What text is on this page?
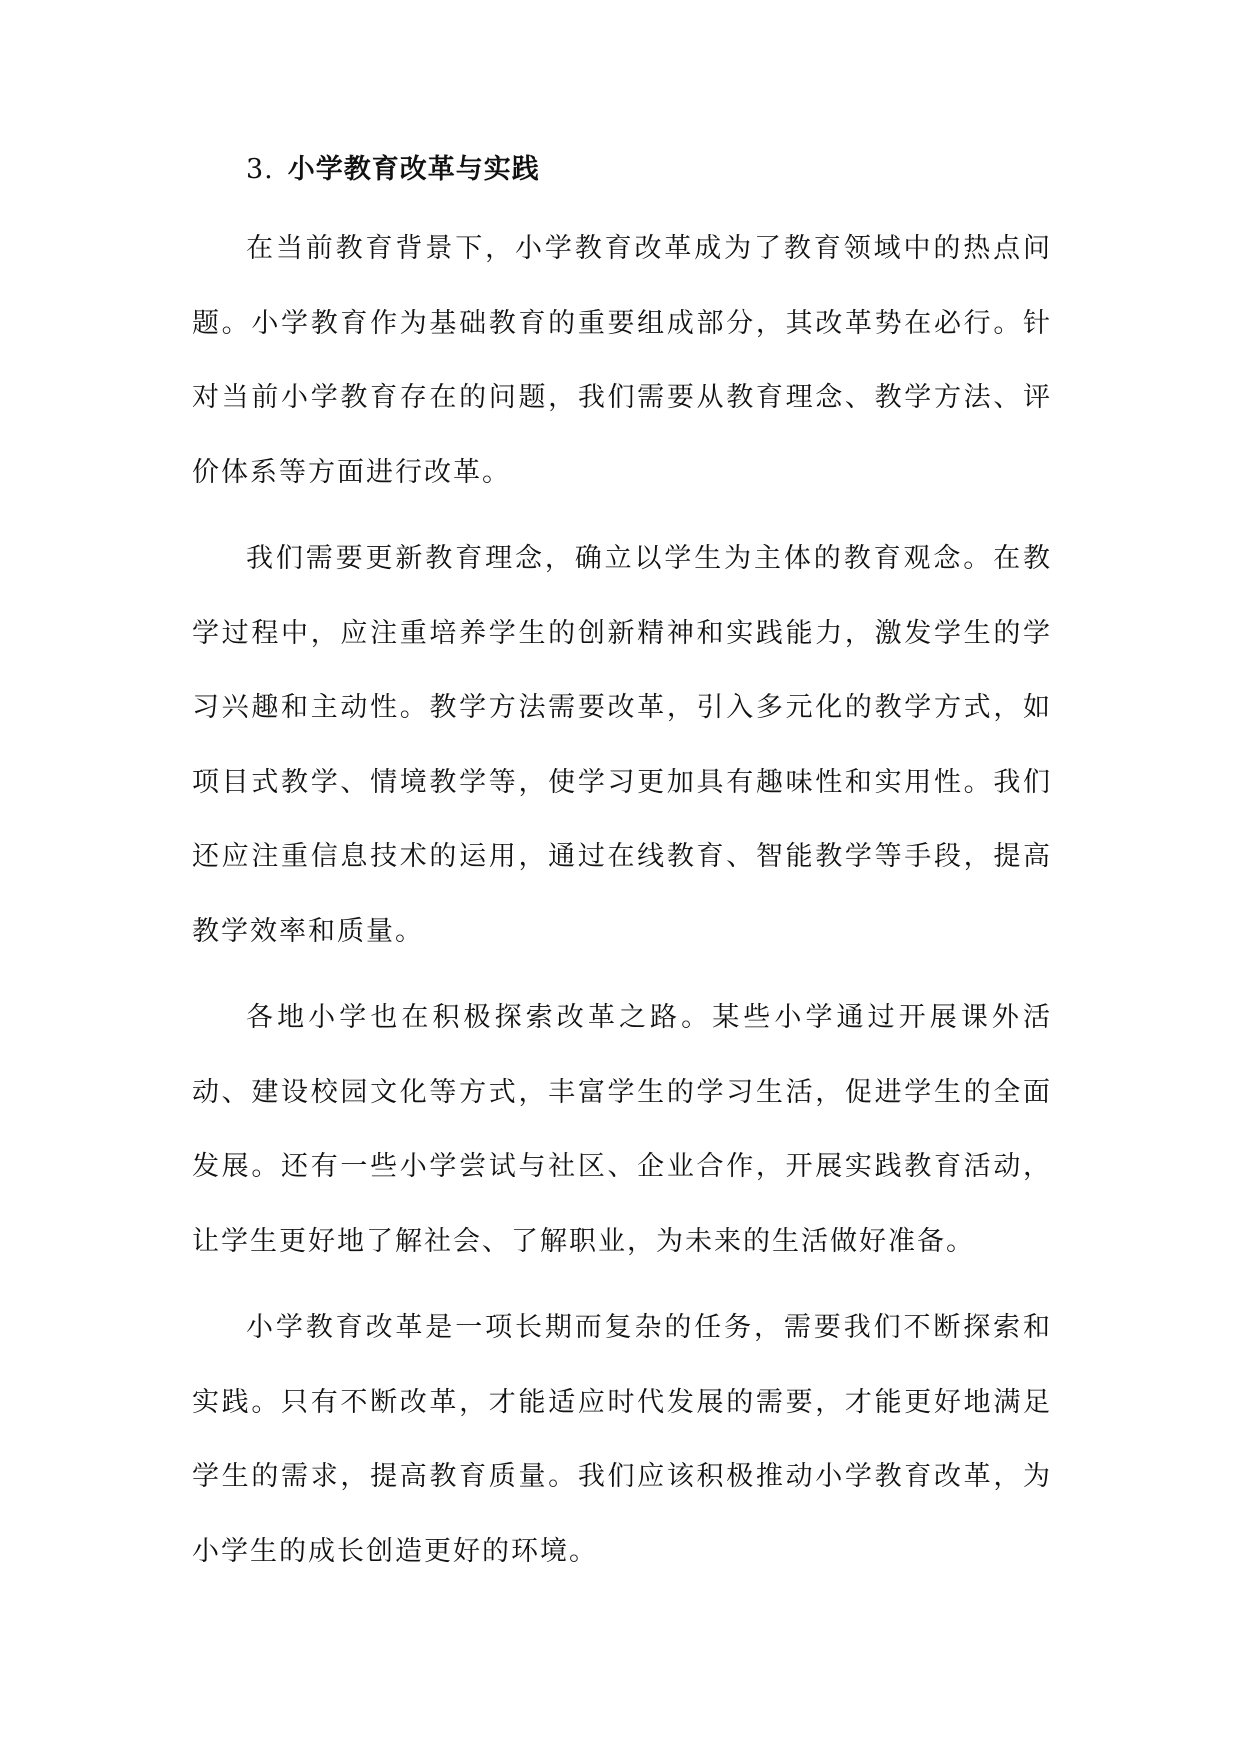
3. 小学教育改革与实践

在当前教育背景下，小学教育改革成为了教育领域中的热点问题。小学教育作为基础教育的重要组成部分，其改革势在必行。针对当前小学教育存在的问题，我们需要从教育理念、教学方法、评价体系等方面进行改革。

我们需要更新教育理念，确立以学生为主体的教育观念。在教学过程中，应注重培养学生的创新精神和实践能力，激发学生的学习兴趣和主动性。教学方法需要改革，引入多元化的教学方式，如项目式教学、情境教学等，使学习更加具有趣味性和实用性。我们还应注重信息技术的运用，通过在线教育、智能教学等手段，提高教学效率和质量。

各地小学也在积极探索改革之路。某些小学通过开展课外活动、建设校园文化等方式，丰富学生的学习生活，促进学生的全面发展。还有一些小学尝试与社区、企业合作，开展实践教育活动，让学生更好地了解社会、了解职业，为未来的生活做好准备。

小学教育改革是一项长期而复杂的任务，需要我们不断探索和实践。只有不断改革，才能适应时代发展的需要，才能更好地满足学生的需求，提高教育质量。我们应该积极推动小学教育改革，为小学生的成长创造更好的环境。
